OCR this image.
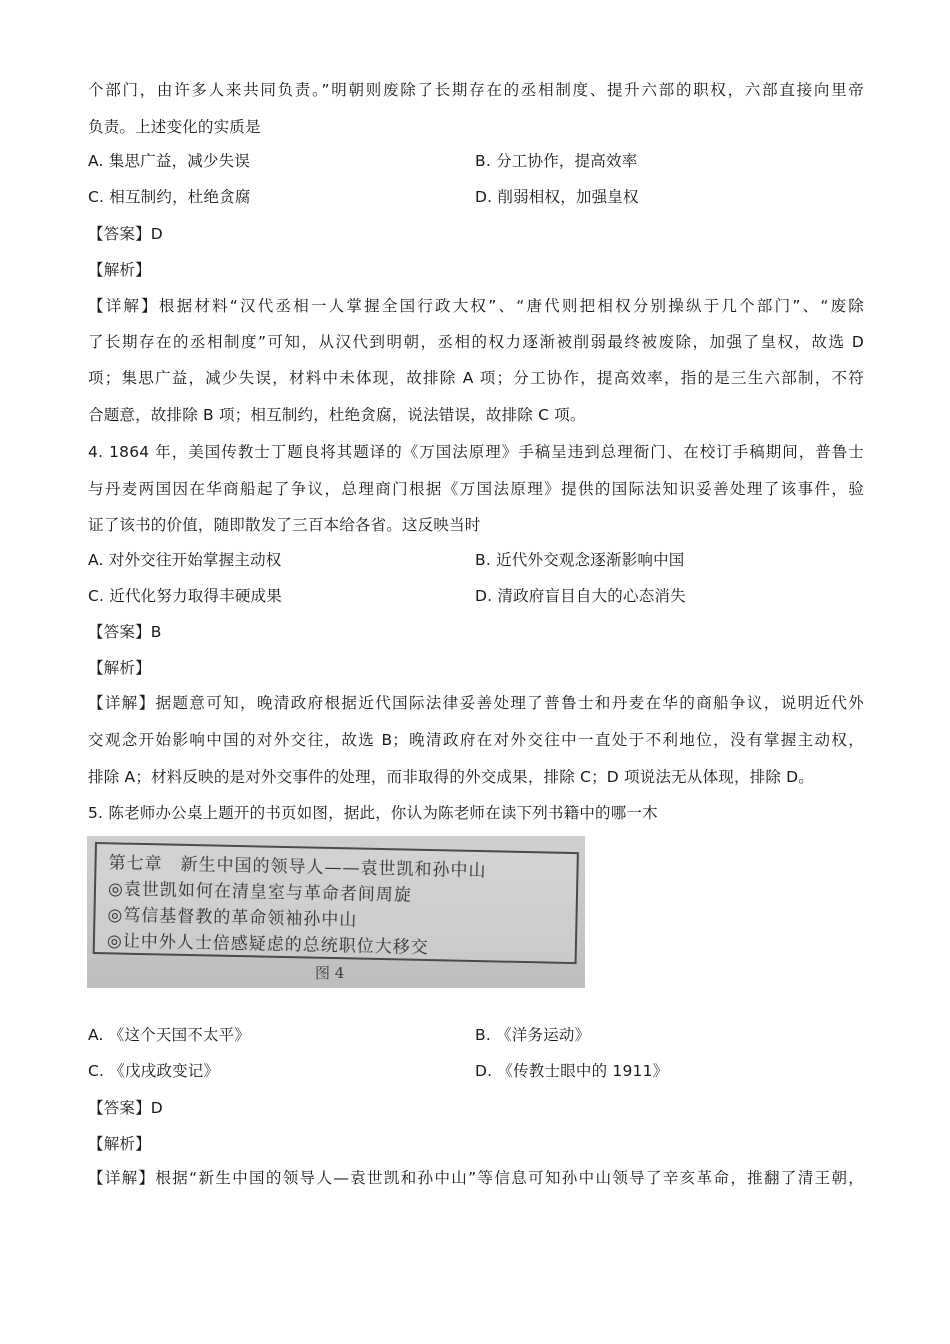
个部门，由许多人来共同负责。”明朝则废除了长期存在的丞相制度、提升六部的职权，六部直接向里帝
负责。上述变化的实质是
A. 集思广益，减少失误	B. 分工协作，提高效率
C. 相互制约，杜绝贪腐	D. 削弱相权，加强皇权
【答案】D
【解析】
【详解】根据材料“汉代丞相一人掌握全国行政大权”、“唐代则把相权分别操纵于几个部门”、“废除
了长期存在的丞相制度”可知，从汉代到明朝，丞相的权力逐渐被削弱最终被废除，加强了皇权，故选 D
项；集思广益，减少失误，材料中未体现，故排除 A 项；分工协作，提高效率，指的是三生六部制，不符
合题意，故排除 B 项；相互制约，杜绝贪腐，说法错误，故排除 C 项。
4. 1864 年，美国传教士丁题良将其题译的《万国法原理》手稿呈违到总理衙门、在校订手稿期间，普鲁士
与丹麦两国因在华商船起了争议，总理商门根据《万国法原理》提供的国际法知识妥善处理了该事件，验
证了该书的价值，随即散发了三百本给各省。这反映当时
A. 对外交往开始掌握主动权	B. 近代外交观念逐渐影响中国
C. 近代化努力取得丰硬成果	D. 清政府盲目自大的心态消失
【答案】B
【解析】
【详解】据题意可知，晚清政府根据近代国际法律妥善处理了普鲁士和丹麦在华的商船争议，说明近代外
交观念开始影响中国的对外交往，故选 B；晚清政府在对外交往中一直处于不利地位，没有掌握主动权，
排除 A；材料反映的是对外交事件的处理，而非取得的外交成果，排除 C；D 项说法无从体现，排除 D。
5. 陈老师办公桌上题开的书页如图，据此，你认为陈老师在读下列书籍中的哪一木
第七章　新生中国的领导人——袁世凯和孙中山
◎袁世凯如何在清皇室与革命者间周旋
◎笃信基督教的革命领袖孙中山
◎让中外人士倍感疑虑的总统职位大移交
图 4
A. 《这个天国不太平》	B. 《洋务运动》
C. 《戊戌政变记》	D. 《传教士眼中的 1911》
【答案】D
【解析】
【详解】根据“新生中国的领导人—袁世凯和孙中山”等信息可知孙中山领导了辛亥革命，推翻了清王朝，
